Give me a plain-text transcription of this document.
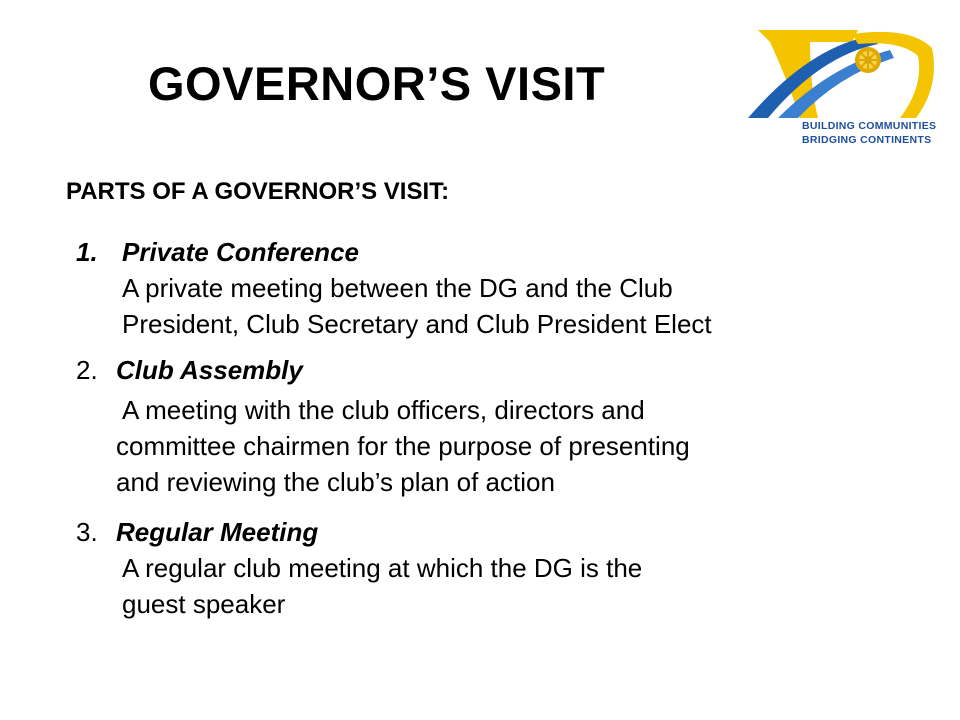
GOVERNOR’S VISIT
BUILDING COMMUNITIES
BRIDGING CONTINENTS
PARTS OF A GOVERNOR’S VISIT:
1. Private Conference
A private meeting between the DG and the Club
President, Club Secretary and Club President Elect
2. Club Assembly
A meeting with the club officers, directors and
committee chairmen for the purpose of presenting
and reviewing the club’s plan of action
3. Regular Meeting
A regular club meeting at which the DG is the
guest speaker
